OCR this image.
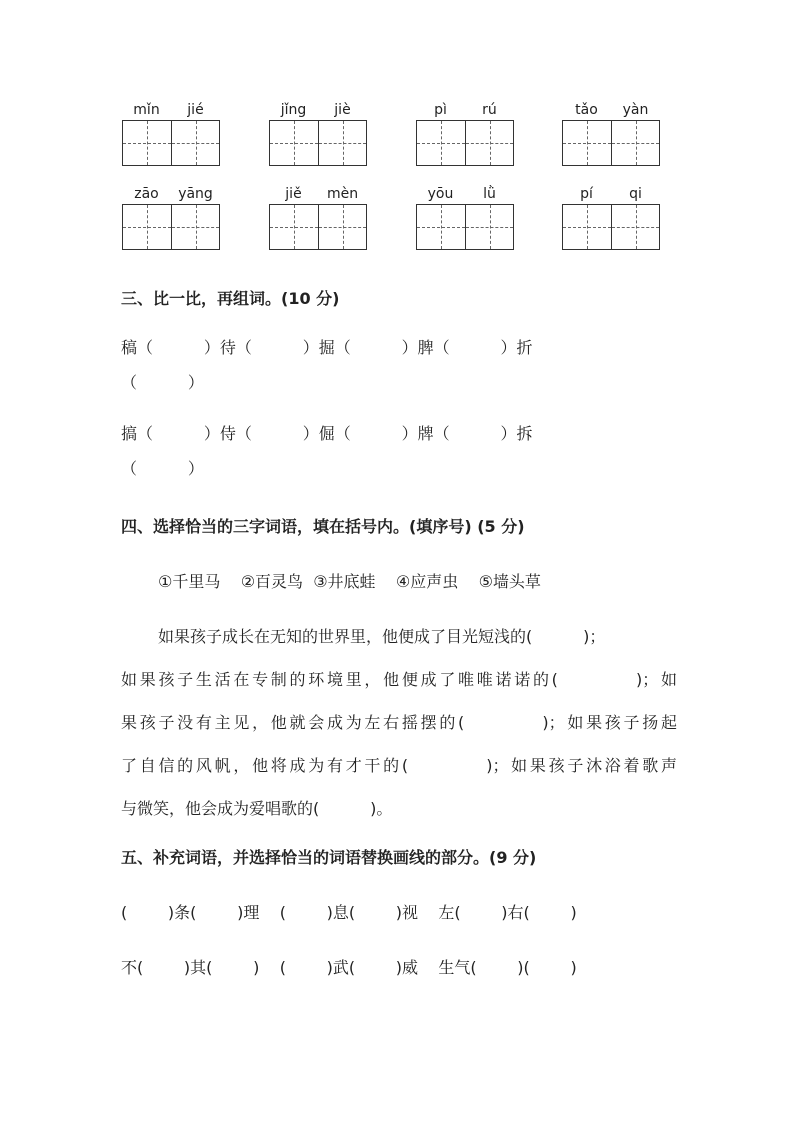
mǐn	jié	jǐng	jiè	pì	rú	tǎo	yàn
zāo	yāng	jiě	mèn	yōu	lǜ	pí	qi
三、比一比，再组词。(10 分)
稿（          ）待（          ）掘（          ）脾（          ）折
（          ）
搞（          ）侍（          ）倔（          ）牌（          ）拆
（          ）
四、选择恰当的三字词语，填在括号内。(填序号) (5 分)
①千里马    ②百灵鸟  ③井底蛙    ④应声虫    ⑤墙头草
如果孩子成长在无知的世界里，他便成了目光短浅的(          )；
如果孩子生活在专制的环境里，他便成了唯唯诺诺的(          )；如
果孩子没有主见，他就会成为左右摇摆的(          )；如果孩子扬起
了自信的风帆，他将成为有才干的(          )；如果孩子沐浴着歌声
与微笑，他会成为爱唱歌的(          )。
五、补充词语，并选择恰当的词语替换画线的部分。(9 分)
(        )条(        )理    (        )息(        )视    左(        )右(        )
不(        )其(        )    (        )武(        )威    生气(        )(        )
